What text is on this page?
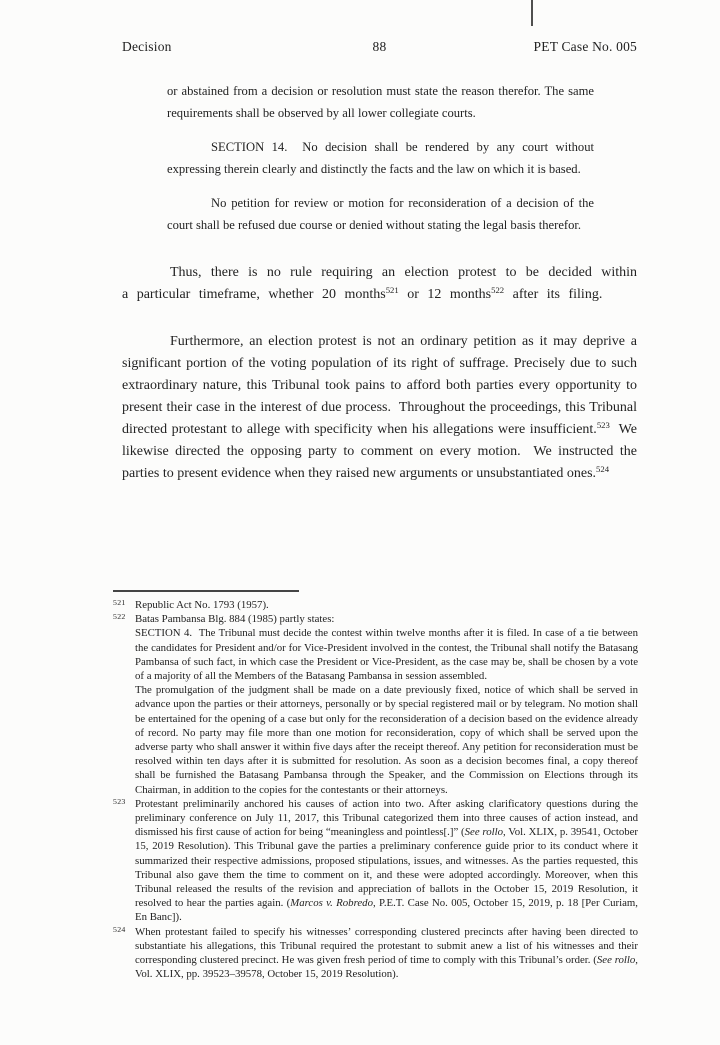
Decision	88	PET Case No. 005

or abstained from a decision or resolution must state the reason therefor. The same requirements shall be observed by all lower collegiate courts.

SECTION 14.  No decision shall be rendered by any court without expressing therein clearly and distinctly the facts and the law on which it is based.

No petition for review or motion for reconsideration of a decision of the court shall be refused due course or denied without stating the legal basis therefor.

Thus, there is no rule requiring an election protest to be decided within a particular timeframe, whether 20 months$^{521}$ or 12 months$^{522}$ after its filing.

Furthermore, an election protest is not an ordinary petition as it may deprive a significant portion of the voting population of its right of suffrage. Precisely due to such extraordinary nature, this Tribunal took pains to afford both parties every opportunity to present their case in the interest of due process.  Throughout the proceedings, this Tribunal directed protestant to allege with specificity when his allegations were insufficient.$^{523}$  We likewise directed the opposing party to comment on every motion.  We instructed the parties to present evidence when they raised new arguments or unsubstantiated ones.$^{524}$

521 Republic Act No. 1793 (1957).

522 Batas Pambansa Blg. 884 (1985) partly states:

SECTION 4.  The Tribunal must decide the contest within twelve months after it is filed. In case of a tie between the candidates for President and/or for Vice-President involved in the contest, the Tribunal shall notify the Batasang Pambansa of such fact, in which case the President or Vice-President, as the case may be, shall be chosen by a vote of a majority of all the Members of the Batasang Pambansa in session assembled.

The promulgation of the judgment shall be made on a date previously fixed, notice of which shall be served in advance upon the parties or their attorneys, personally or by special registered mail or by telegram. No motion shall be entertained for the opening of a case but only for the reconsideration of a decision based on the evidence already of record. No party may file more than one motion for reconsideration, copy of which shall be served upon the adverse party who shall answer it within five days after the receipt thereof. Any petition for reconsideration must be resolved within ten days after it is submitted for resolution. As soon as a decision becomes final, a copy thereof shall be furnished the Batasang Pambansa through the Speaker, and the Commission on Elections through its Chairman, in addition to the copies for the contestants or their attorneys.

523 Protestant preliminarily anchored his causes of action into two. After asking clarificatory questions during the preliminary conference on July 11, 2017, this Tribunal categorized them into three causes of action instead, and dismissed his first cause of action for being “meaningless and pointless[.]” (See rollo, Vol. XLIX, p. 39541, October 15, 2019 Resolution). This Tribunal gave the parties a preliminary conference guide prior to its conduct where it summarized their respective admissions, proposed stipulations, issues, and witnesses. As the parties requested, this Tribunal also gave them the time to comment on it, and these were adopted accordingly. Moreover, when this Tribunal released the results of the revision and appreciation of ballots in the October 15, 2019 Resolution, it resolved to hear the parties again. (Marcos v. Robredo, P.E.T. Case No. 005, October 15, 2019, p. 18 [Per Curiam, En Banc]).

524 When protestant failed to specify his witnesses’ corresponding clustered precincts after having been directed to substantiate his allegations, this Tribunal required the protestant to submit anew a list of his witnesses and their corresponding clustered precinct. He was given fresh period of time to comply with this Tribunal’s order. (See rollo, Vol. XLIX, pp. 39523–39578, October 15, 2019 Resolution).
